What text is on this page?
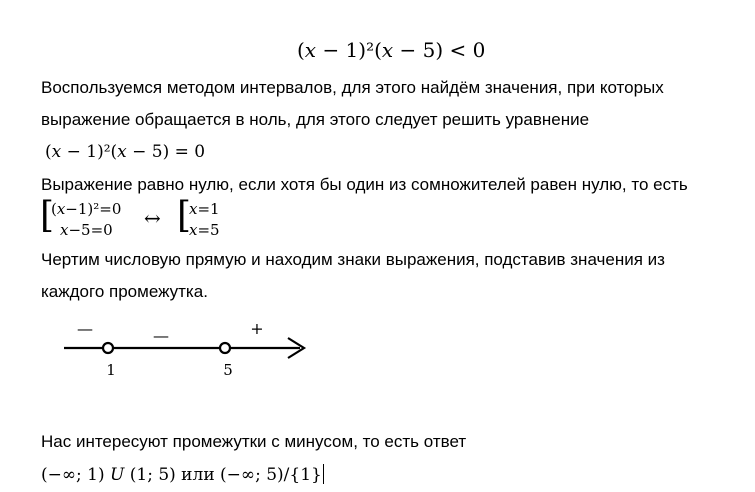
(𝑥 − 1)²(𝑥 − 5) < 0
Воспользуемся методом интервалов, для этого найдём значения, при которых
выражение обращается в ноль, для этого следует решить уравнение
(𝑥 − 1)²(𝑥 − 5) = 0
Выражение равно нулю, если хотя бы один из сомножителей равен нулю, то есть
[
(𝑥−1)²=0
𝑥−5=0 ↔ [
𝑥=1
𝑥=5
Чертим числовую прямую и находим знаки выражения, подставив значения из
каждого промежутка.
1	5
—	—	+
Нас интересуют промежутки с минусом, то есть ответ
(−∞; 1) 𝑈 (1; 5) или (−∞; 5)/{1}
